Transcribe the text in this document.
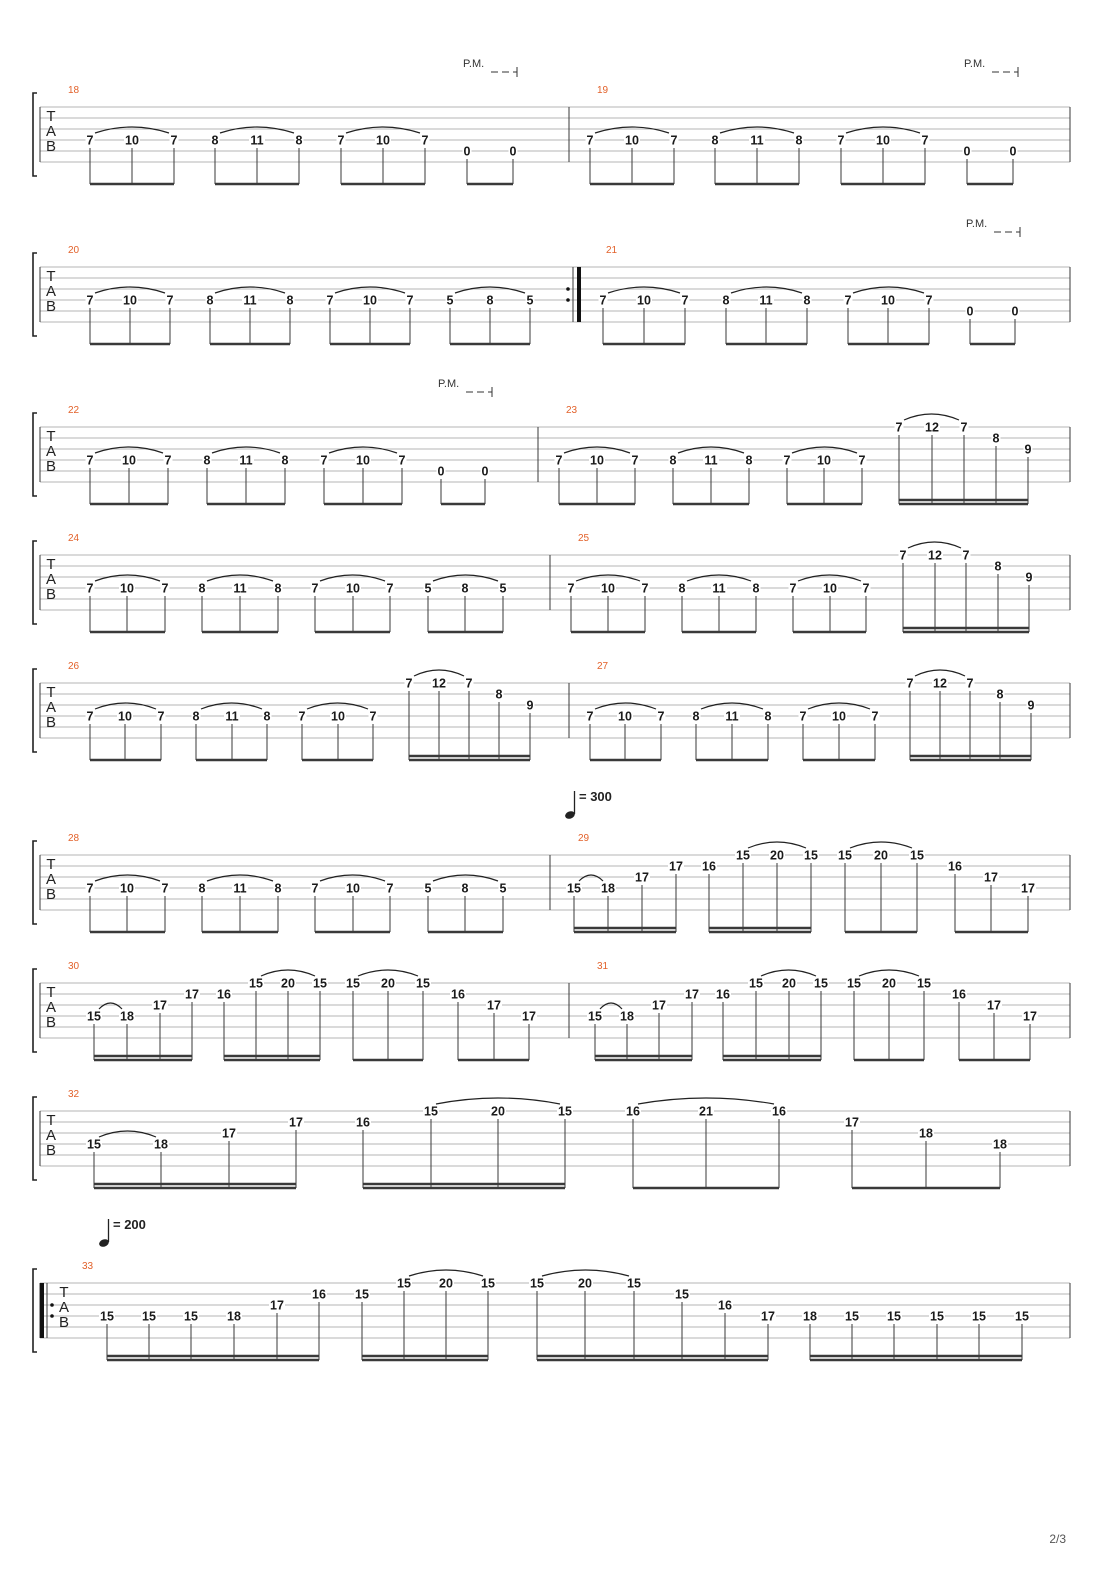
T
A
B
18
P.M.
7	10	7	8	11	8	7	10	7
0	0
19
P.M.
7	10	7	8	11	8	7	10	7
0	0
T
A
B
20
7 10 7	8 11 8	7 10 7	5	8	5
21
P.M.
7 10 7	8 11 8	7 10 7
0	0
T
A
B
22
P.M.
7 10 7	8 11 8	7 10 7
0	0
23
7 10 7 8 11 8 7 10 7
7 12 7
8
9
T
A
B
24
7 10 7 8 11 8 7 10 7 5 8 5
25
7 10 7 8 11 8 7 10 7
7 12 7
8
9
T
A
B
26
7 10 7 8 11 8 7 10 7
7 12 7
8
9
27
7 10 7 8 11 8 7 10 7
7 12 7
8
9
T
A
B
28
7 10 7 8 11 8 7 10 7 5 8 5
29
= 300
15 18
17
17 16
15 20 15 15 20 15
16
17
17
T
A
B
30
15 18
17
17 16
15 20 15 15 20 15
16
17
17
31
15 18
17
17 16
15 20 15 15 20 15
16
17
17
T
A
B
32
15	18
17
17	16
15	20	15	16	21	16
17
18
18
T
A
B
33
= 200
15 15 15 18
17
16 15
15 20 15	15	20	15
15
16
17 18 15 15 15 15 15
2/3
